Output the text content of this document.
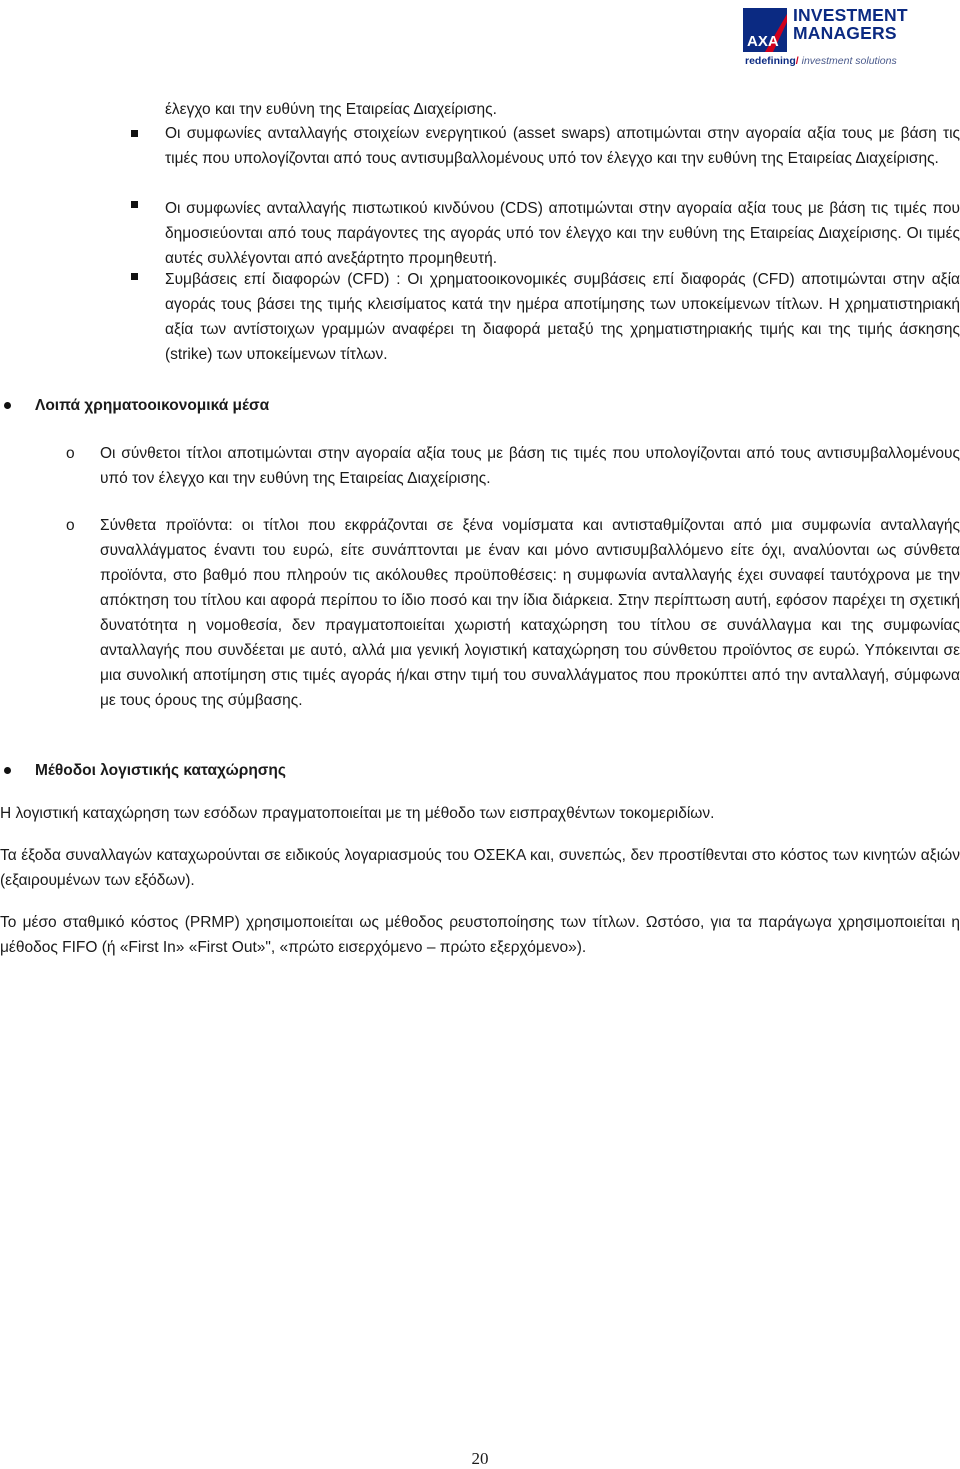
AXA
INVESTMENT MANAGERS
redefining/ investment solutions

έλεγχο και την ευθύνη της Εταιρείας Διαχείρισης.

Οι συμφωνίες ανταλλαγής στοιχείων ενεργητικού (asset swaps) αποτιμώνται στην αγοραία αξία τους με βάση τις τιμές που υπολογίζονται από τους αντισυμβαλλομένους υπό τον έλεγχο και την ευθύνη της Εταιρείας Διαχείρισης.

Οι συμφωνίες ανταλλαγής πιστωτικού κινδύνου (CDS) αποτιμώνται στην αγοραία αξία τους με βάση τις τιμές που δημοσιεύονται από τους παράγοντες της αγοράς υπό τον έλεγχο και την ευθύνη της Εταιρείας Διαχείρισης. Οι τιμές αυτές συλλέγονται από ανεξάρτητο προμηθευτή.

Συμβάσεις επί διαφορών (CFD) : Οι χρηματοοικονομικές συμβάσεις επί διαφοράς (CFD) αποτιμώνται στην αξία αγοράς τους βάσει της τιμής κλεισίματος κατά την ημέρα αποτίμησης των υποκείμενων τίτλων. Η χρηματιστηριακή αξία των αντίστοιχων γραμμών αναφέρει τη διαφορά μεταξύ της χρηματιστηριακής τιμής και της τιμής άσκησης (strike) των υποκείμενων τίτλων.

Λοιπά χρηματοοικονομικά μέσα

o Οι σύνθετοι τίτλοι αποτιμώνται στην αγοραία αξία τους με βάση τις τιμές που υπολογίζονται από τους αντισυμβαλλομένους υπό τον έλεγχο και την ευθύνη της Εταιρείας Διαχείρισης.

o Σύνθετα προϊόντα: οι τίτλοι που εκφράζονται σε ξένα νομίσματα και αντισταθμίζονται από μια συμφωνία ανταλλαγής συναλλάγματος έναντι του ευρώ, είτε συνάπτονται με έναν και μόνο αντισυμβαλλόμενο είτε όχι, αναλύονται ως σύνθετα προϊόντα, στο βαθμό που πληρούν τις ακόλουθες προϋποθέσεις: η συμφωνία ανταλλαγής έχει συναφεί ταυτόχρονα με την απόκτηση του τίτλου και αφορά περίπου το ίδιο ποσό και την ίδια διάρκεια. Στην περίπτωση αυτή, εφόσον παρέχει τη σχετική δυνατότητα η νομοθεσία, δεν πραγματοποιείται χωριστή καταχώρηση του τίτλου σε συνάλλαγμα και της συμφωνίας ανταλλαγής που συνδέεται με αυτό, αλλά μια γενική λογιστική καταχώρηση του σύνθετου προϊόντος σε ευρώ. Υπόκεινται σε μια συνολική αποτίμηση στις τιμές αγοράς ή/και στην τιμή του συναλλάγματος που προκύπτει από την ανταλλαγή, σύμφωνα με τους όρους της σύμβασης.

Μέθοδοι λογιστικής καταχώρησης

Η λογιστική καταχώρηση των εσόδων πραγματοποιείται με τη μέθοδο των εισπραχθέντων τοκομεριδίων.

Τα έξοδα συναλλαγών καταχωρούνται σε ειδικούς λογαριασμούς του ΟΣΕΚΑ και, συνεπώς, δεν προστίθενται στο κόστος των κινητών αξιών (εξαιρουμένων των εξόδων).

Το μέσο σταθμικό κόστος (PRMP) χρησιμοποιείται ως μέθοδος ρευστοποίησης των τίτλων. Ωστόσο, για τα παράγωγα χρησιμοποιείται η μέθοδος FIFO (ή «First In» «First Out»", «πρώτο εισερχόμενο – πρώτο εξερχόμενο»).

20
